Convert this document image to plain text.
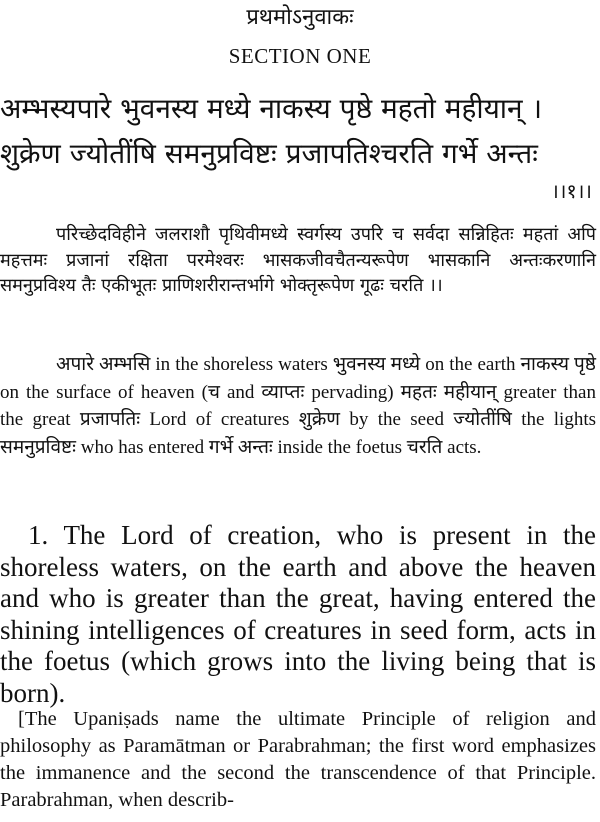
प्रथमोऽनुवाकः
SECTION ONE
अम्भस्यपारे भुवनस्य मध्ये नाकस्य पृष्ठे महतो महीयान् ।
शुक्रेण ज्योतींषि समनुप्रविष्टः प्रजापतिश्चरति गर्भे अन्तः
।।१।।

परिच्छेदविहीने जलराशौ पृथिवीमध्ये स्वर्गस्य उपरि च सर्वदा सन्निहितः महतां अपि महत्तमः प्रजानां रक्षिता परमेश्वरः भासकजीवचैतन्यरूपेण भासकानि अन्तःकरणानि समनुप्रविश्य तैः एकीभूतः प्राणिशरीरान्तर्भागे भोक्तृरूपेण गूढः चरति ।।

अपारे अम्भसि in the shoreless waters भुवनस्य मध्ये on the earth नाकस्य पृष्ठे on the surface of heaven (च and व्याप्तः pervading) महतः महीयान् greater than the great प्रजापतिः Lord of creatures शुक्रेण by the seed ज्योतींषि the lights समनुप्रविष्टः who has entered गर्भे अन्तः inside the foetus चरति acts.

1. The Lord of creation, who is present in the shoreless waters, on the earth and above the heaven and who is greater than the great, having entered the shining intelligences of creatures in seed form, acts in the foetus (which grows into the living being that is born).

[The Upaniṣads name the ultimate Principle of religion and philosophy as Paramātman or Parabrahman; the first word emphasizes the immanence and the second the transcendence of that Principle. Parabrahman, when describ-
